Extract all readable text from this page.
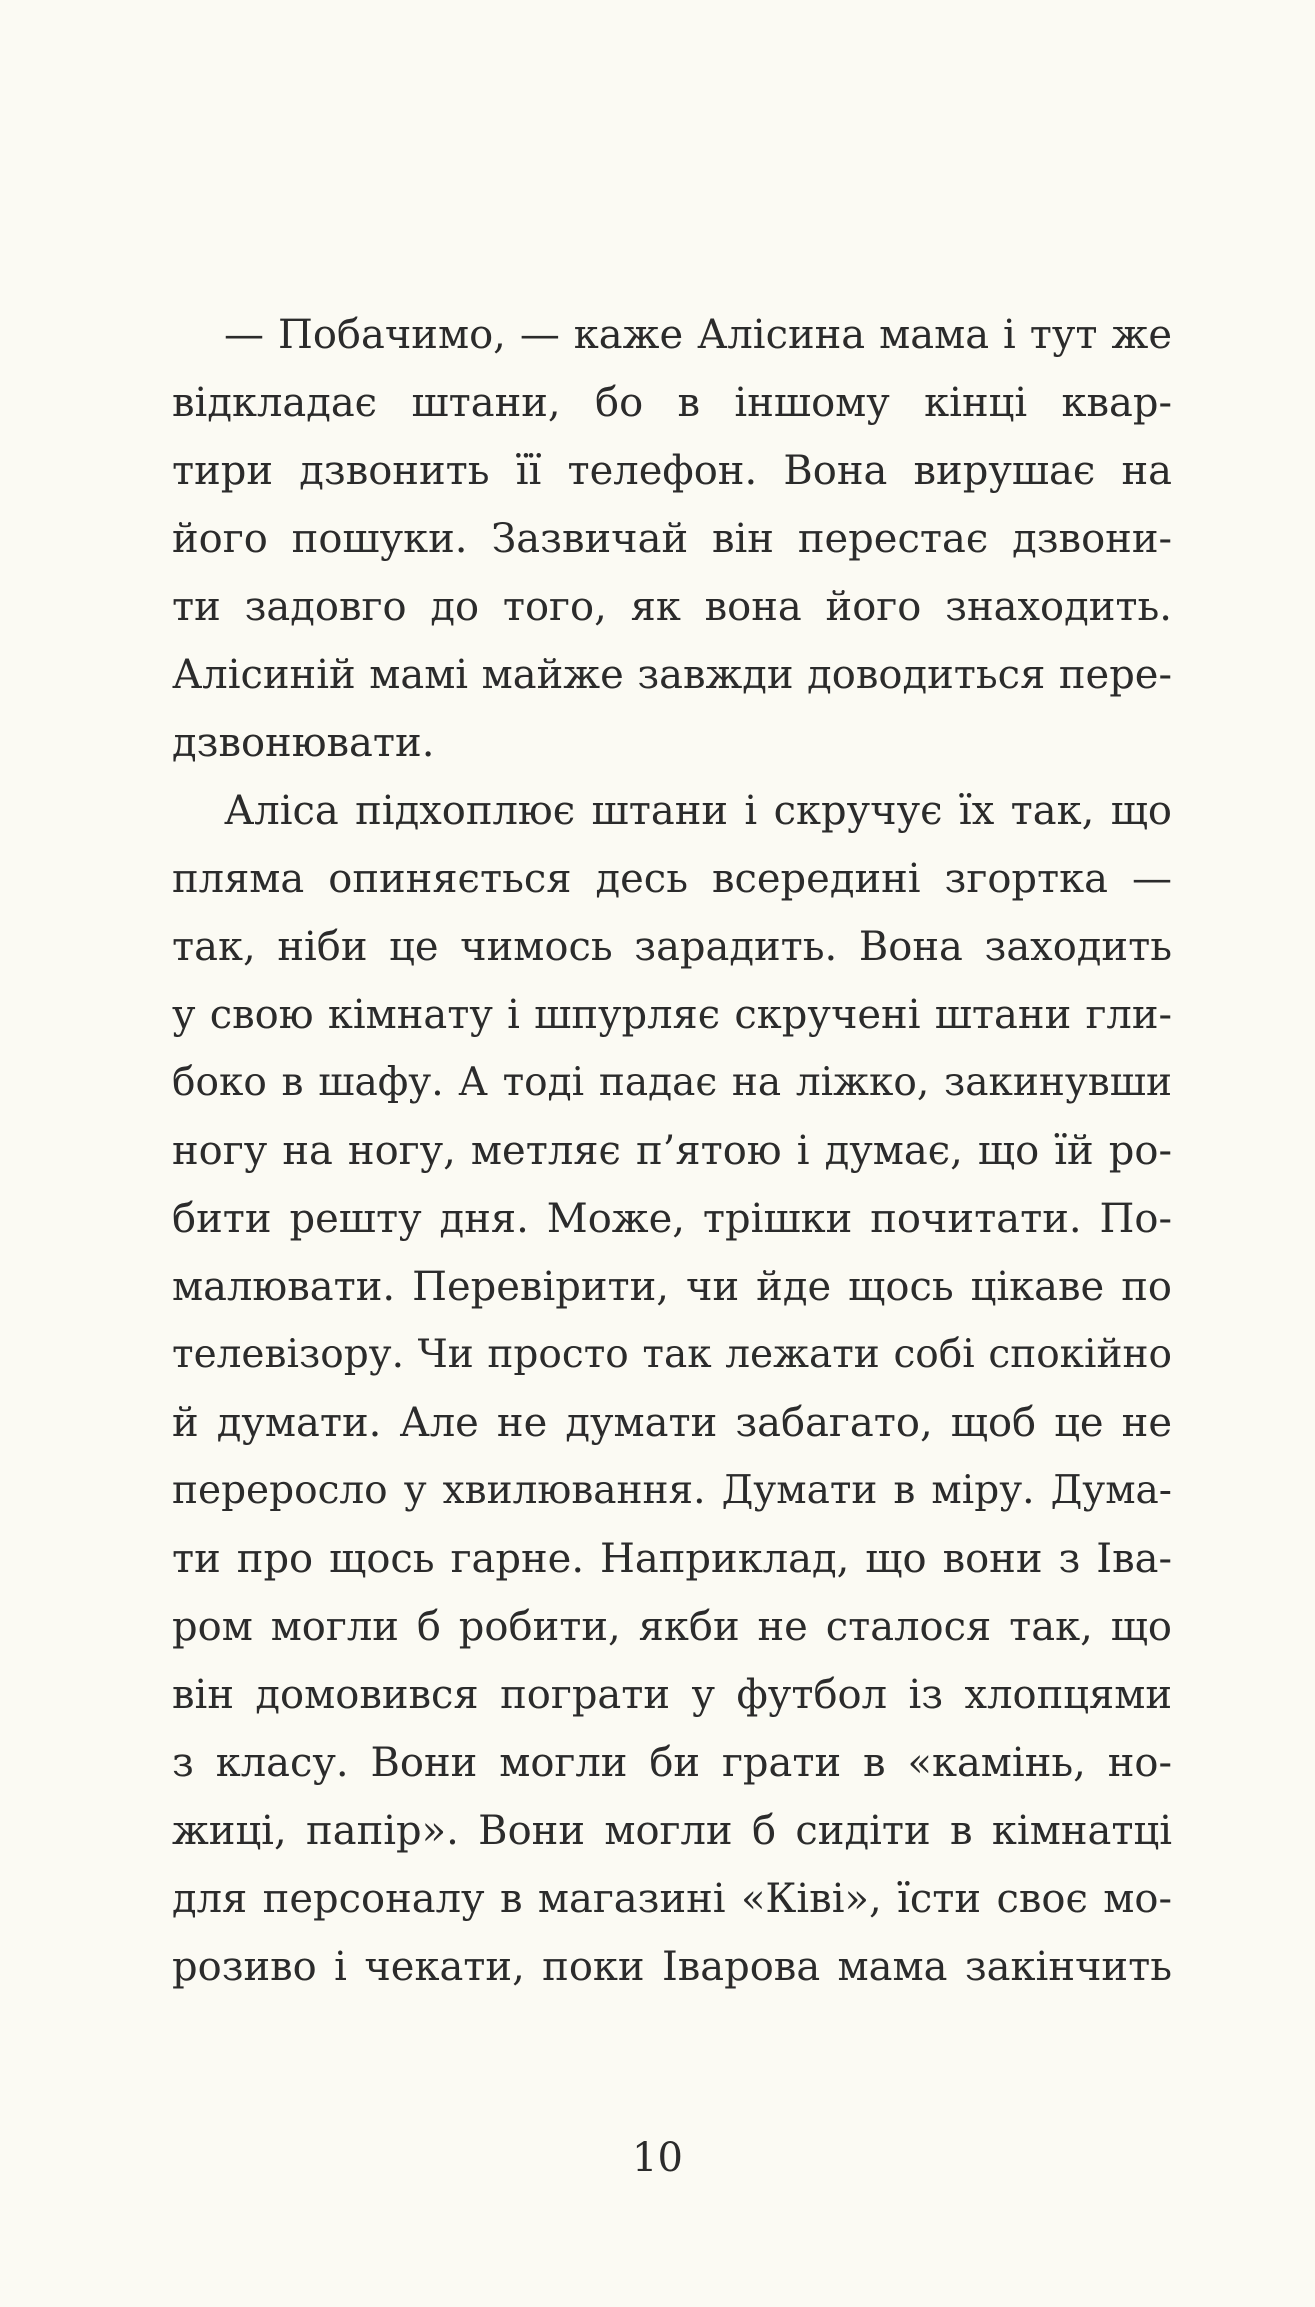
— Побачимо, — каже Алісина мама і тут же
відкладає штани, бо в іншому кінці квар-
тири дзвонить її телефон. Вона вирушає на
його пошуки. Зазвичай він перестає дзвони-
ти задовго до того, як вона його знаходить.
Алісиній мамі майже завжди доводиться пере-
дзвонювати.
Аліса підхоплює штани і скручує їх так, що
пляма опиняється десь всередині згортка —
так, ніби це чимось зарадить. Вона заходить
у свою кімнату і шпурляє скручені штани гли-
боко в шафу. А тоді падає на ліжко, закинувши
ногу на ногу, метляє п’ятою і думає, що їй ро-
бити решту дня. Може, трішки почитати. По-
малювати. Перевірити, чи йде щось цікаве по
телевізору. Чи просто так лежати собі спокійно
й думати. Але не думати забагато, щоб це не
переросло у хвилювання. Думати в міру. Дума-
ти про щось гарне. Наприклад, що вони з Іва-
ром могли б робити, якби не сталося так, що
він домовився пограти у футбол із хлопцями
з класу. Вони могли би грати в «камінь, но-
жиці, папір». Вони могли б сидіти в кімнатці
для персоналу в магазині «Ківі», їсти своє мо-
розиво і чекати, поки Іварова мама закінчить
10
